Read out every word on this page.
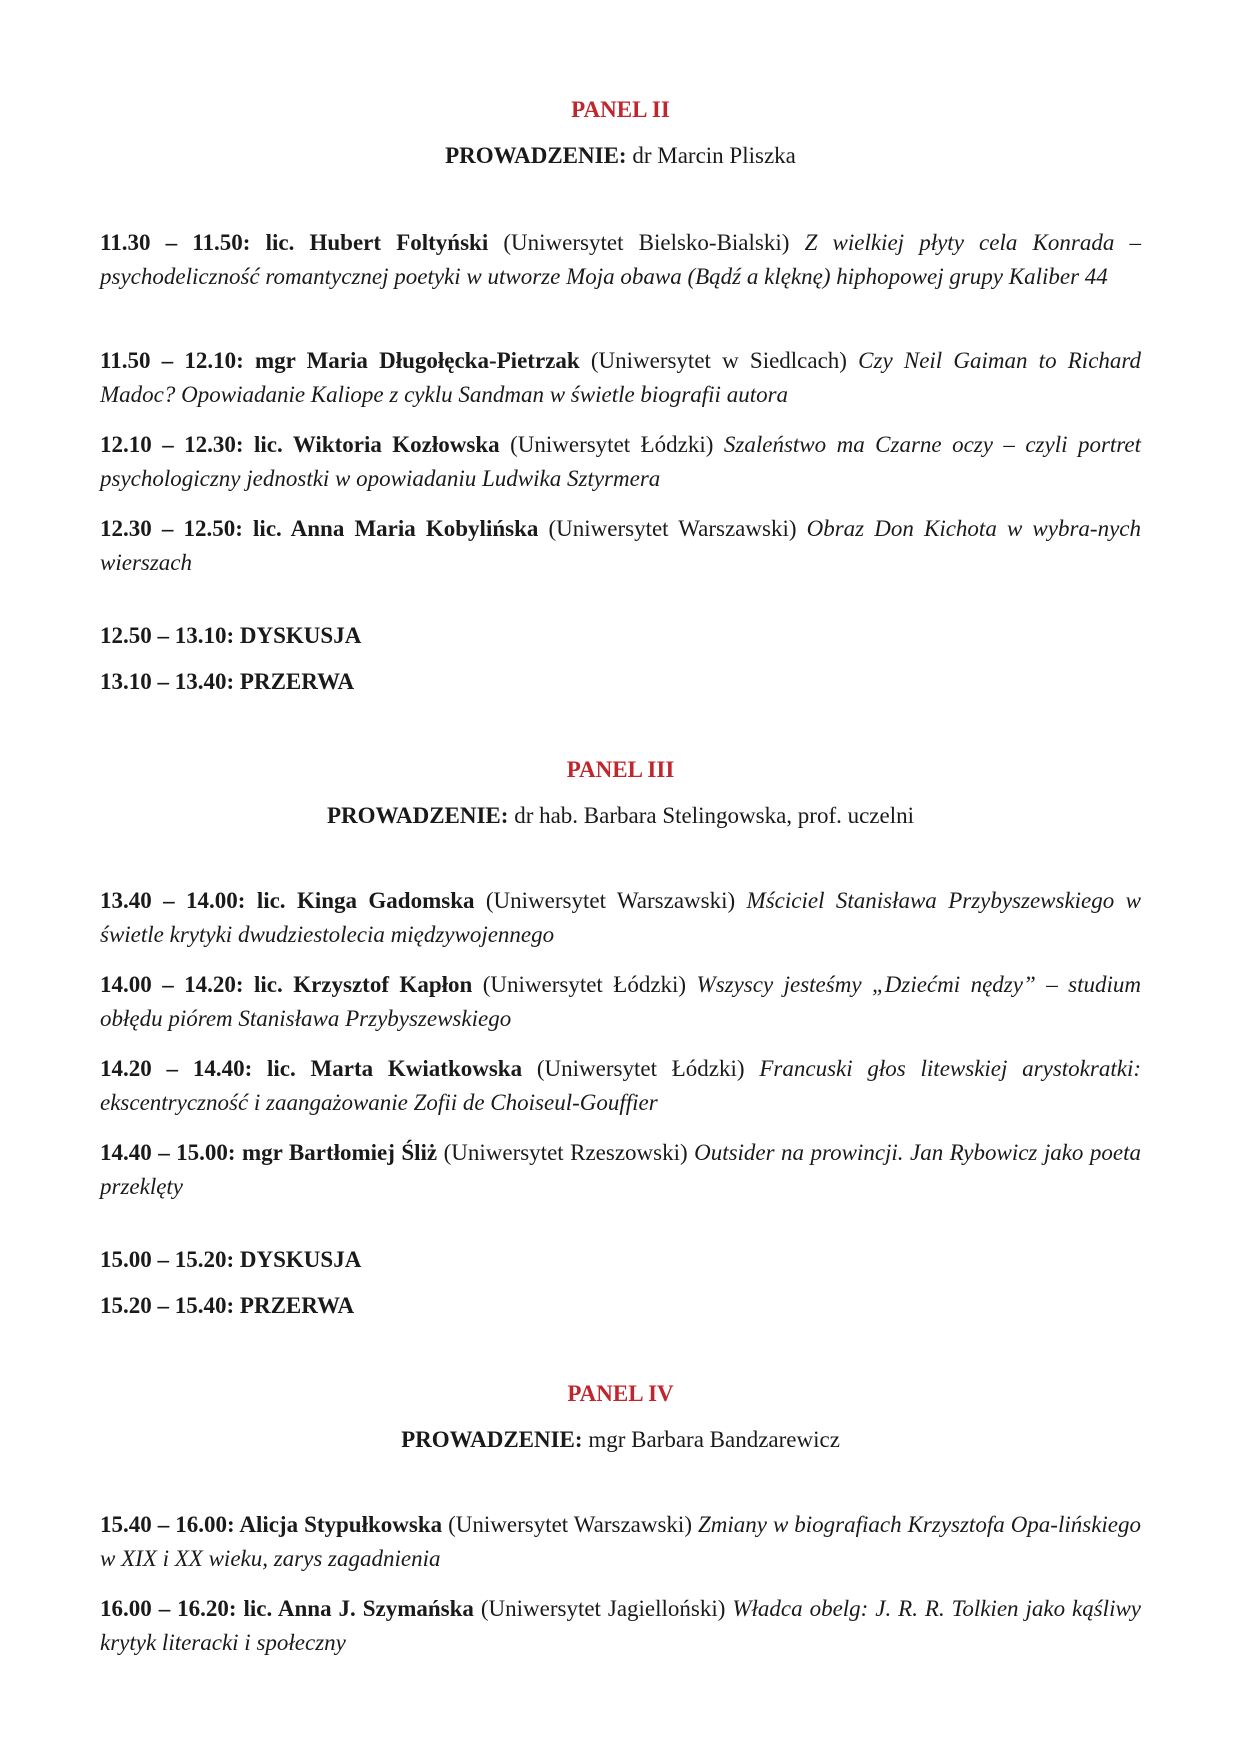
PANEL II
PROWADZENIE: dr Marcin Pliszka
11.30 – 11.50: lic. Hubert Foltyński (Uniwersytet Bielsko-Bialski) Z wielkiej płyty cela Konrada – psychodeliczność romantycznej poetyki w utworze Moja obawa (Bądź a klęknę) hiphopowej grupy Kaliber 44
11.50 – 12.10: mgr Maria Długołęcka-Pietrzak (Uniwersytet w Siedlcach) Czy Neil Gaiman to Richard Madoc? Opowiadanie Kaliope z cyklu Sandman w świetle biografii autora
12.10 – 12.30: lic. Wiktoria Kozłowska (Uniwersytet Łódzki) Szaleństwo ma Czarne oczy – czyli portret psychologiczny jednostki w opowiadaniu Ludwika Sztyrmera
12.30 – 12.50: lic. Anna Maria Kobylińska (Uniwersytet Warszawski) Obraz Don Kichota w wybra-nych wierszach
12.50 – 13.10: DYSKUSJA
13.10 – 13.40: PRZERWA
PANEL III
PROWADZENIE: dr hab. Barbara Stelingowska, prof. uczelni
13.40 – 14.00: lic. Kinga Gadomska (Uniwersytet Warszawski) Mściciel Stanisława Przybyszewskiego w świetle krytyki dwudziestolecia międzywojennego
14.00 – 14.20: lic. Krzysztof Kapłon (Uniwersytet Łódzki) Wszyscy jesteśmy „Dziećmi nędzy” – studium obłędu piórem Stanisława Przybyszewskiego
14.20 – 14.40: lic. Marta Kwiatkowska (Uniwersytet Łódzki) Francuski głos litewskiej arystokratki: ekscentryczność i zaangażowanie Zofii de Choiseul-Gouffier
14.40 – 15.00: mgr Bartłomiej Śliż (Uniwersytet Rzeszowski) Outsider na prowincji. Jan Rybowicz jako poeta przeklęty
15.00 – 15.20: DYSKUSJA
15.20 – 15.40: PRZERWA
PANEL IV
PROWADZENIE: mgr Barbara Bandzarewicz
15.40 – 16.00: Alicja Stypułkowska (Uniwersytet Warszawski) Zmiany w biografiach Krzysztofa Opa-lińskiego w XIX i XX wieku, zarys zagadnienia
16.00 – 16.20: lic. Anna J. Szymańska (Uniwersytet Jagielloński) Władca obelg: J. R. R. Tolkien jako kąśliwy krytyk literacki i społeczny
